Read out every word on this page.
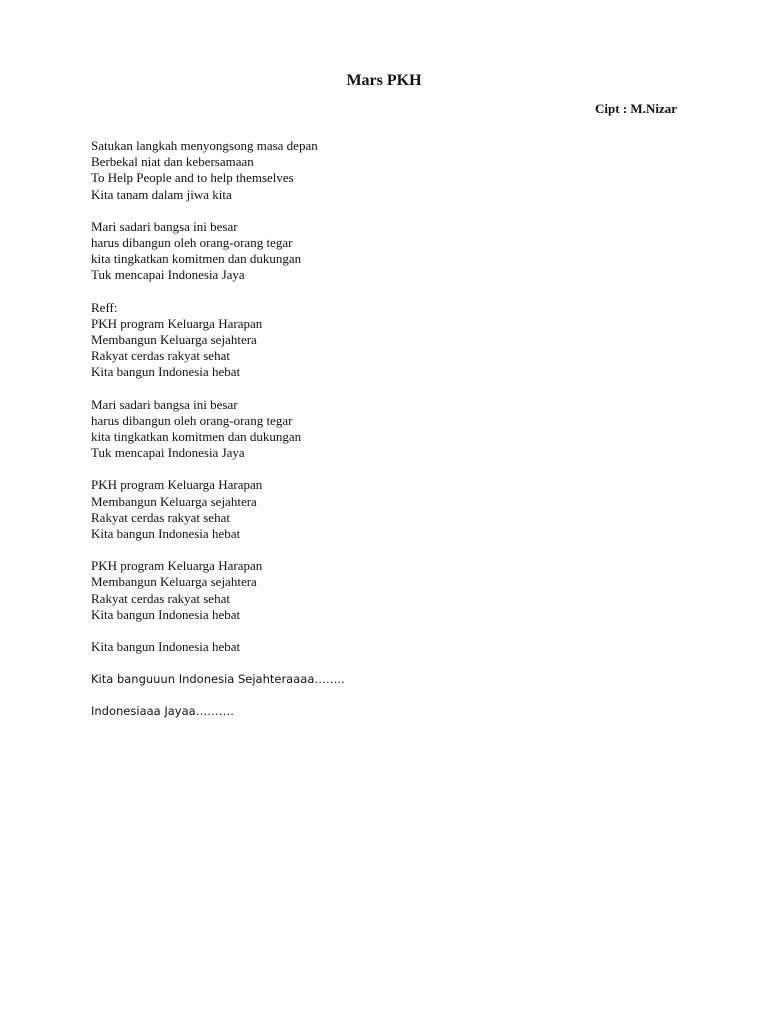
Mars PKH
Cipt : M.Nizar
Satukan langkah menyongsong masa depan
Berbekal niat dan kebersamaan
To Help People and to help themselves
Kita tanam dalam jiwa kita
Mari sadari bangsa ini besar
harus dibangun oleh orang-orang tegar
kita tingkatkan komitmen dan dukungan
Tuk mencapai Indonesia Jaya
Reff:
PKH program Keluarga Harapan
Membangun Keluarga sejahtera
Rakyat cerdas rakyat sehat
Kita bangun Indonesia hebat
Mari sadari bangsa ini besar
harus dibangun oleh orang-orang tegar
kita tingkatkan komitmen dan dukungan
Tuk mencapai Indonesia Jaya
PKH program Keluarga Harapan
Membangun Keluarga sejahtera
Rakyat cerdas rakyat sehat
Kita bangun Indonesia hebat
PKH program Keluarga Harapan
Membangun Keluarga sejahtera
Rakyat cerdas rakyat sehat
Kita bangun Indonesia hebat
Kita bangun Indonesia hebat
Kita banguuun Indonesia Sejahteraaaa……..
Indonesiaaa Jayaa……….
